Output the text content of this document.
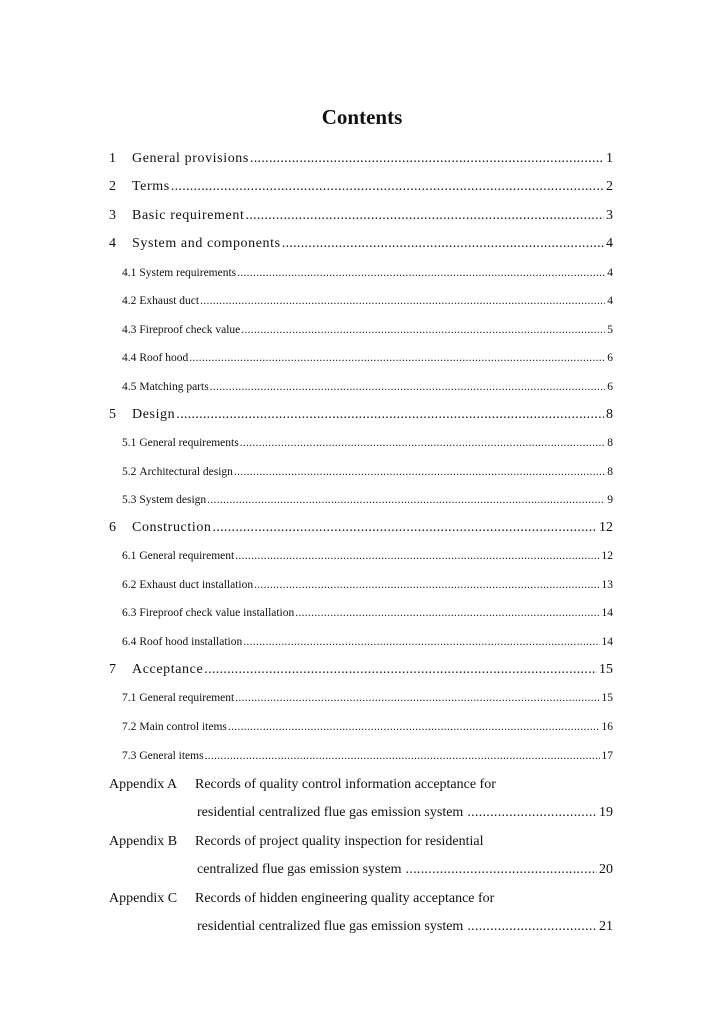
Contents
1	General provisions .....	1
2	Terms .....	2
3	Basic requirement .....	3
4	System and components .....	4
4.1 System requirements .....	4
4.2 Exhaust duct .....	4
4.3 Fireproof check value .....	5
4.4 Roof hood .....	6
4.5 Matching parts .....	6
5	Design .....	8
5.1 General requirements .....	8
5.2 Architectural design .....	8
5.3 System design .....	9
6	Construction .....	12
6.1 General requirement .....	12
6.2 Exhaust duct installation .....	13
6.3 Fireproof check value installation .....	14
6.4 Roof hood installation .....	14
7	Acceptance .....	15
7.1 General requirement .....	15
7.2 Main control items .....	16
7.3 General items .....	17
Appendix A	Records of quality control information acceptance for
residential centralized flue gas emission system .....	19
Appendix B	Records of project quality inspection for residential
centralized flue gas emission system .....	20
Appendix C	Records of hidden engineering quality acceptance for
residential centralized flue gas emission system .....	21
